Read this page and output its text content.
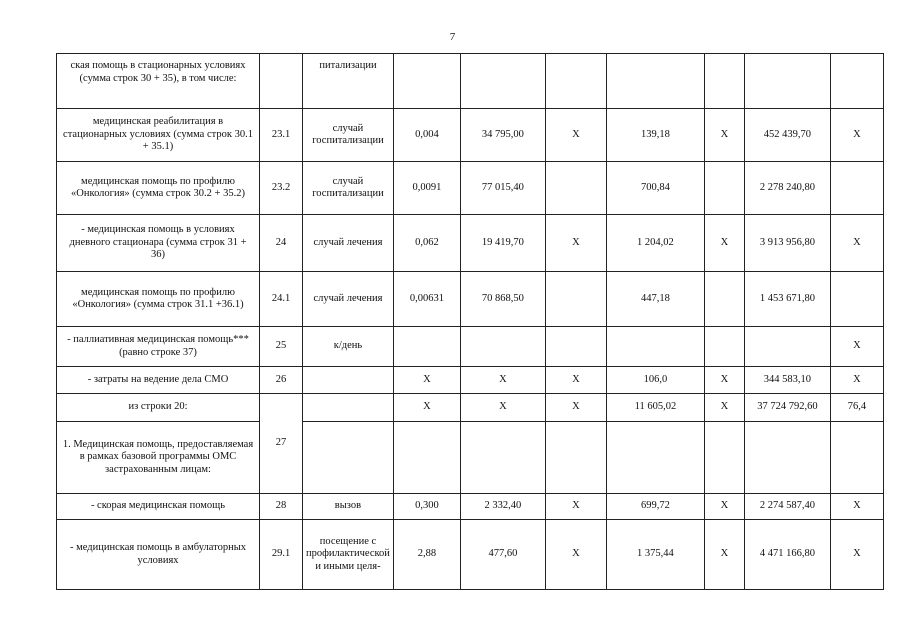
7
ская помощь в стационарных условиях (сумма строк 30 + 35), в том числе:		питализации							
медицинская реабилитация в стационарных условиях (сумма строк 30.1 + 35.1)	23.1	случай госпитализации	0,004	34 795,00	X	139,18	X	452 439,70	X
медицинская помощь по профилю «Онкология» (сумма строк 30.2 + 35.2)	23.2	случай госпитализации	0,0091	77 015,40		700,84		2 278 240,80	
- медицинская помощь в условиях дневного стационара (сумма строк 31 + 36)	24	случай лечения	0,062	19 419,70	X	1 204,02	X	3 913 956,80	X
медицинская помощь по профилю «Онкология» (сумма строк 31.1 +36.1)	24.1	случай лечения	0,00631	70 868,50		447,18		1 453 671,80	
- паллиативная медицинская помощь*** (равно строке 37)	25	к/день							X
- затраты на ведение дела СМО	26		X	X	X	106,0	X	344 583,10	X
из строки 20:	27		X	X	X	11 605,02	X	37 724 792,60	76,4
1. Медицинская помощь, предоставляемая в рамках базовой программы ОМС застрахованным лицам:									
- скорая медицинская помощь	28	вызов	0,300	2 332,40	X	699,72	X	2 274 587,40	X
- медицинская помощь в амбулаторных условиях	29.1	посещение с профилактической и иными целя-	2,88	477,60	X	1 375,44	X	4 471 166,80	X
